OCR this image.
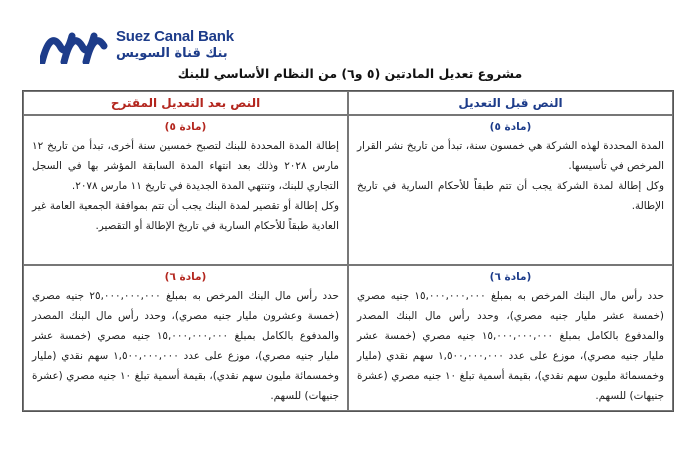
Suez Canal Bank
بنك قناة السويس
مشروع تعديل المادتين (٥ و٦) من النظام الأساسي للبنك
النص بعد التعديل المقترح	النص قبل التعديل
(مادة ٥)

إطالة المدة المحددة للبنك لتصبح خمسين سنة أخرى، تبدأ من تاريخ ١٢ مارس ٢٠٢٨ وذلك بعد انتهاء المدة السابقة المؤشر بها في السجل التجاري للبنك، وتنتهي المدة الجديدة في تاريخ ١١ مارس ٢٠٧٨.

وكل إطالة أو تقصير لمدة البنك يجب أن تتم بموافقة الجمعية العامة غير العادية طبقاً للأحكام السارية في تاريخ الإطالة أو التقصير.

(مادة ٥)

المدة المحددة لهذه الشركة هي خمسون سنة، تبدأ من تاريخ نشر القرار المرخص في تأسيسها.

وكل إطالة لمدة الشركة يجب أن تتم طبقاً للأحكام السارية في تاريخ الإطالة.

(مادة ٦)

حدد رأس مال البنك المرخص به بمبلغ ٢٥,٠٠٠,٠٠٠,٠٠٠ جنيه مصري (خمسة وعشرون مليار جنيه مصري)، وحدد رأس مال البنك المصدر والمدفوع بالكامل بمبلغ ١٥,٠٠٠,٠٠٠,٠٠٠ جنيه مصري (خمسة عشر مليار جنيه مصري)، موزع على عدد ١,٥٠٠,٠٠٠,٠٠٠ سهم نقدي (مليار وخمسمائة مليون سهم نقدي)، بقيمة أسمية تبلغ ١٠ جنيه مصري (عشرة جنيهات) للسهم.

(مادة ٦)

حدد رأس مال البنك المرخص به بمبلغ ١٥,٠٠٠,٠٠٠,٠٠٠ جنيه مصري (خمسة عشر مليار جنيه مصري)، وحدد رأس مال البنك المصدر والمدفوع بالكامل بمبلغ ١٥,٠٠٠,٠٠٠,٠٠٠ جنيه مصري (خمسة عشر مليار جنيه مصري)، موزع على عدد ١,٥٠٠,٠٠٠,٠٠٠ سهم نقدي (مليار وخمسمائة مليون سهم نقدي)، بقيمة أسمية تبلغ ١٠ جنيه مصري (عشرة جنيهات) للسهم.
